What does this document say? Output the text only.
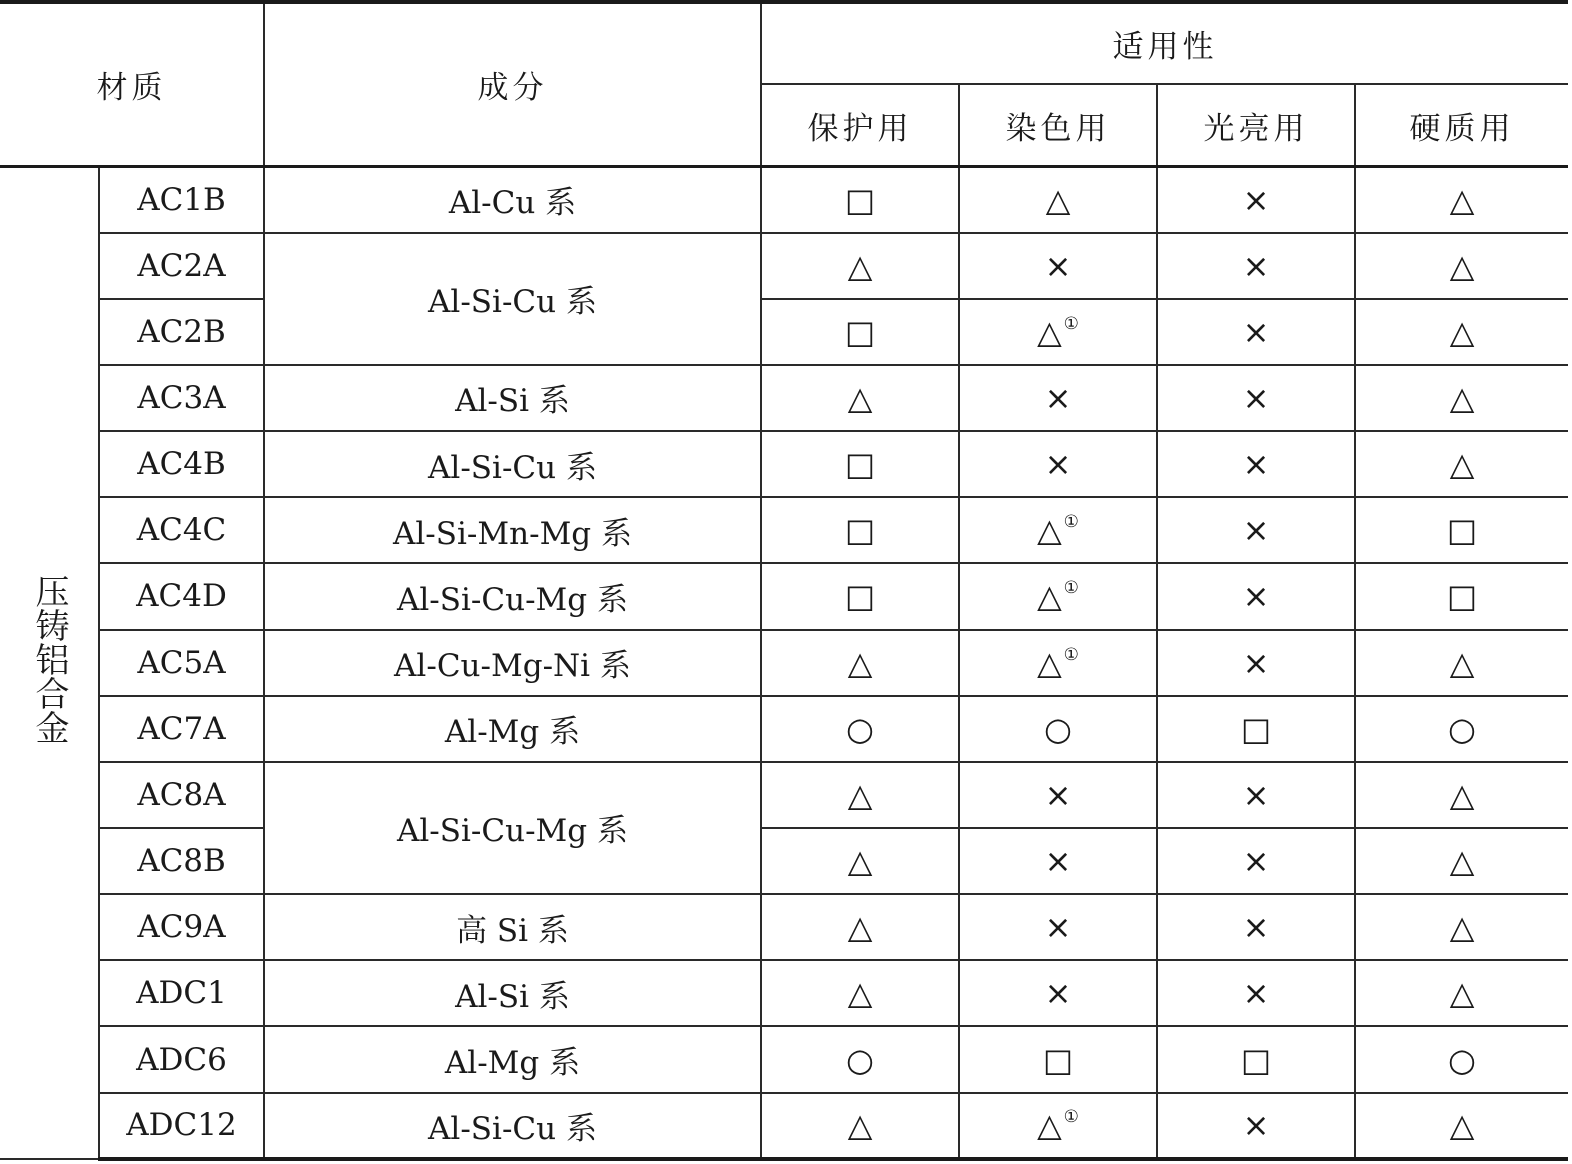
材质		成分	适用性			
			保护用	染色用	光亮用	硬质用
压铸铝合金	AC1B	Al-Cu 系	□	△	×	△
	AC2A	Al-Si-Cu 系	△	×	×	△
	AC2B		□	△ ①	×	△
	AC3A	Al-Si 系	△	×	×	△
	AC4B	Al-Si-Cu 系	□	×	×	△
	AC4C	Al-Si-Mn-Mg 系	□	△ ①	×	□
	AC4D	Al-Si-Cu-Mg 系	□	△ ①	×	□
	AC5A	Al-Cu-Mg-Ni 系	△	△ ①	×	△
	AC7A	Al-Mg 系	○	○	□	○
	AC8A	Al-Si-Cu-Mg 系	△	×	×	△
	AC8B		△	×	×	△
	AC9A	高 Si 系	△	×	×	△
	ADC1	Al-Si 系	△	×	×	△
	ADC6	Al-Mg 系	○	□	□	○
	ADC12	Al-Si-Cu 系	△	△ ①	×	△
